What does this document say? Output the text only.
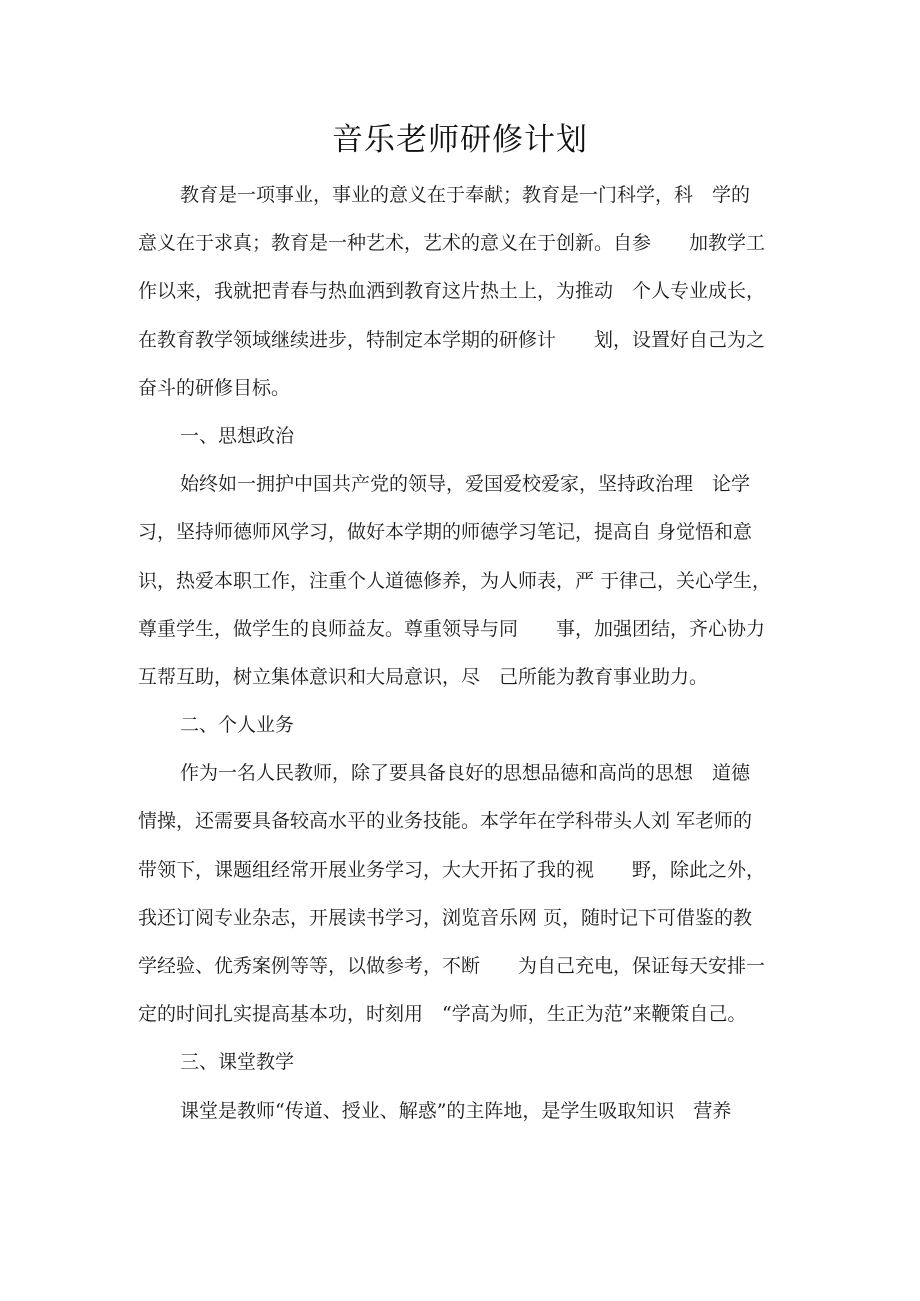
音乐老师研修计划
教育是一项事业，事业的意义在于奉献；教育是一门科学，科　学的
意义在于求真；教育是一种艺术，艺术的意义在于创新。自参　　加教学工
作以来，我就把青春与热血洒到教育这片热土上，为推动　个人专业成长，
在教育教学领域继续进步，特制定本学期的研修计　　划，设置好自己为之
奋斗的研修目标。
一、思想政治
始终如一拥护中国共产党的领导，爱国爱校爱家，坚持政治理　论学
习，坚持师德师风学习，做好本学期的师德学习笔记，提高自 身觉悟和意
识，热爱本职工作，注重个人道德修养，为人师表，严 于律己，关心学生，
尊重学生，做学生的良师益友。尊重领导与同　　事，加强团结，齐心协力
互帮互助，树立集体意识和大局意识，尽　己所能为教育事业助力。
二、个人业务
作为一名人民教师，除了要具备良好的思想品德和高尚的思想　道德
情操，还需要具备较高水平的业务技能。本学年在学科带头人刘 军老师的
带领下，课题组经常开展业务学习，大大开拓了我的视　　野，除此之外，
我还订阅专业杂志，开展读书学习，浏览音乐网 页，随时记下可借鉴的教
学经验、优秀案例等等，以做参考，不断　　为自己充电，保证每天安排一
定的时间扎实提高基本功，时刻用　“学高为师，生正为范”来鞭策自己。
三、课堂教学
课堂是教师“传道、授业、解惑”的主阵地，是学生吸取知识　营养
